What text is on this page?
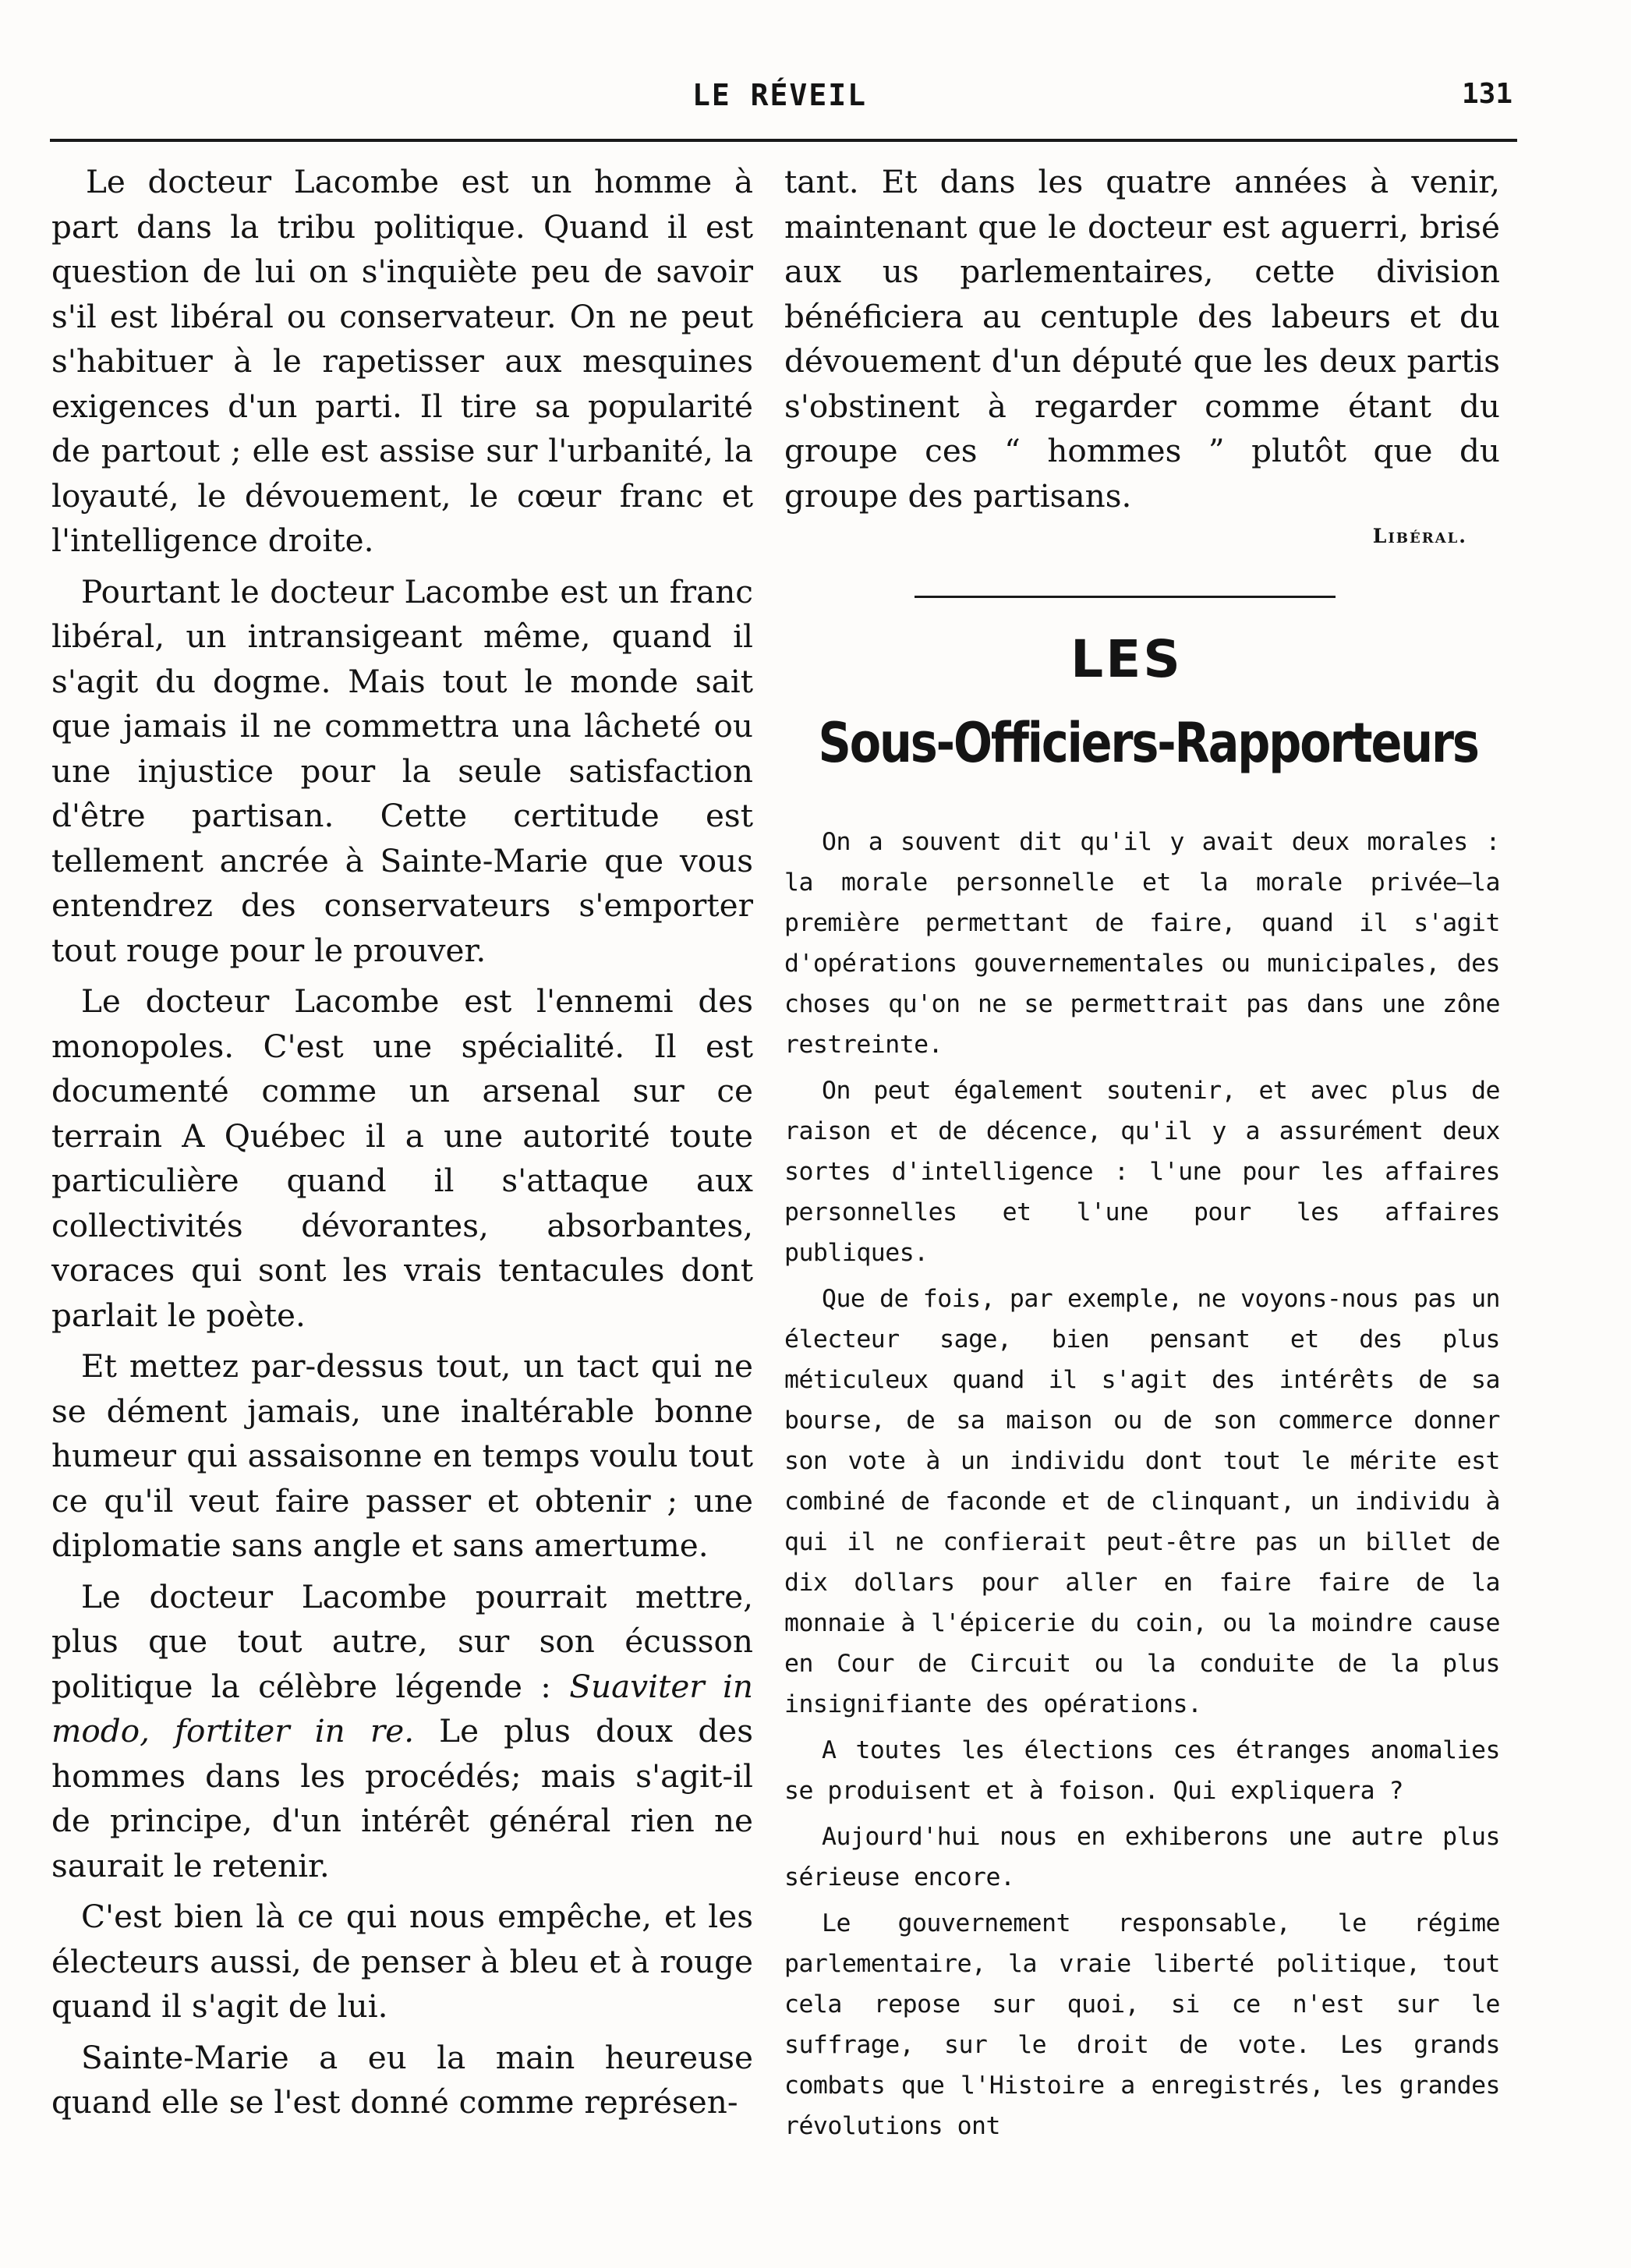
LE RÉVEIL	131

Le docteur Lacombe est un homme à part dans la tribu politique. Quand il est question de lui on s'inquiète peu de savoir s'il est libéral ou conservateur. On ne peut s'habituer à le rapetisser aux mesquines exigences d'un parti. Il tire sa popularité de partout ; elle est assise sur l'urbanité, la loyauté, le dévouement, le cœur franc et l'intelligence droite.

Pourtant le docteur Lacombe est un franc libéral, un intransigeant même, quand il s'agit du dogme. Mais tout le monde sait que jamais il ne commettra una lâcheté ou une injustice pour la seule satisfaction d'être partisan. Cette certitude est tellement ancrée à Sainte-Marie que vous entendrez des conservateurs s'emporter tout rouge pour le prouver.

Le docteur Lacombe est l'ennemi des monopoles. C'est une spécialité. Il est documenté comme un arsenal sur ce terrain A Québec il a une autorité toute particulière quand il s'attaque aux collectivités dévorantes, absorbantes, voraces qui sont les vrais tentacules dont parlait le poète.

Et mettez par-dessus tout, un tact qui ne se dément jamais, une inaltérable bonne humeur qui assaisonne en temps voulu tout ce qu'il veut faire passer et obtenir ; une diplomatie sans angle et sans amertume.

Le docteur Lacombe pourrait mettre, plus que tout autre, sur son écusson politique la célèbre légende : Suaviter in modo, fortiter in re. Le plus doux des hommes dans les procédés; mais s'agit-il de principe, d'un intérêt général rien ne saurait le retenir.

C'est bien là ce qui nous empêche, et les électeurs aussi, de penser à bleu et à rouge quand il s'agit de lui.

Sainte-Marie a eu la main heureuse quand elle se l'est donné comme représen-

tant. Et dans les quatre années à venir, maintenant que le docteur est aguerri, brisé aux us parlementaires, cette division bénéficiera au centuple des labeurs et du dévouement d'un député que les deux partis s'obstinent à regarder comme étant du groupe ces “ hommes ” plutôt que du groupe des partisans.

Libéral.
LES
Sous-Officiers-Rapporteurs

On a souvent dit qu'il y avait deux morales : la morale personnelle et la morale privée—la première permettant de faire, quand il s'agit d'opérations gouvernementales ou municipales, des choses qu'on ne se permettrait pas dans une zône restreinte.

On peut également soutenir, et avec plus de raison et de décence, qu'il y a assurément deux sortes d'intelligence : l'une pour les affaires personnelles et l'une pour les affaires publiques.

Que de fois, par exemple, ne voyons-nous pas un électeur sage, bien pensant et des plus méticuleux quand il s'agit des intérêts de sa bourse, de sa maison ou de son commerce donner son vote à un individu dont tout le mérite est combiné de faconde et de clinquant, un individu à qui il ne confierait peut-être pas un billet de dix dollars pour aller en faire faire de la monnaie à l'épicerie du coin, ou la moindre cause en Cour de Circuit ou la conduite de la plus insignifiante des opérations.

A toutes les élections ces étranges anomalies se produisent et à foison. Qui expliquera ?

Aujourd'hui nous en exhiberons une autre plus sérieuse encore.

Le gouvernement responsable, le régime parlementaire, la vraie liberté politique, tout cela repose sur quoi, si ce n'est sur le suffrage, sur le droit de vote. Les grands combats que l'Histoire a enregistrés, les grandes révolutions ont
